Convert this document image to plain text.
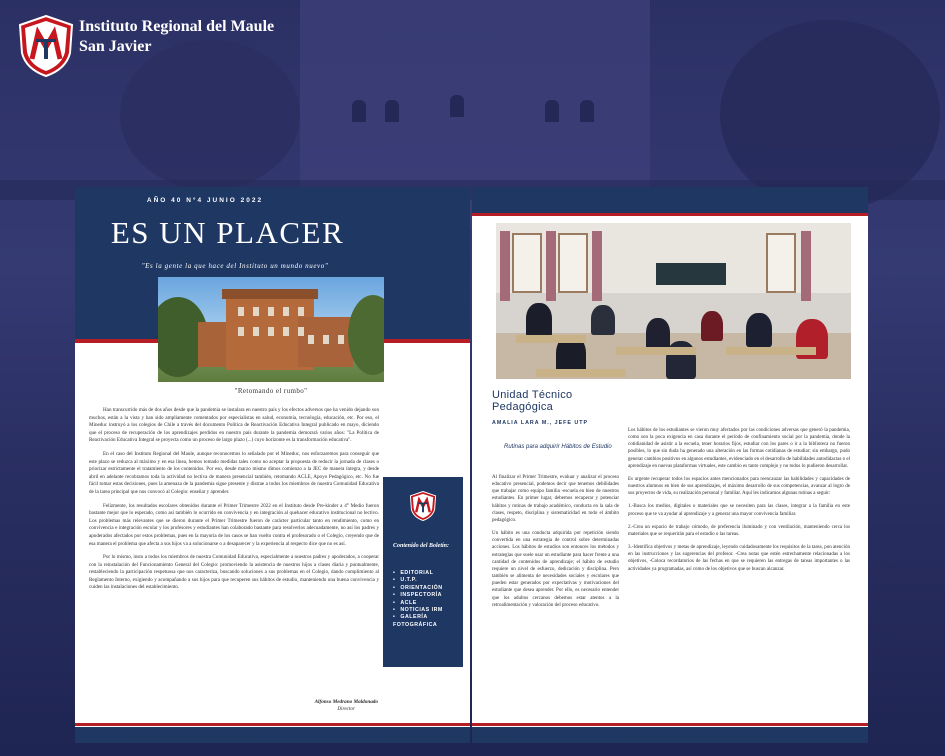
Instituto Regional del Maule
San Javier
AÑO 40 N°4 JUNIO 2022
ES UN PLACER
"Es la gente la que hace del Instituto un mundo nuevo"
"Retomando el rumbo"

Han transcurrido más de dos años desde que la pandemia se instalara en nuestro país y los efectos adversos que ha venido dejando son muchos, están a la vista y han sido ampliamente comentados por especialistas en salud, economía, tecnología, educación, etc. Por eso, el Mineduc instruyó a los colegios de Chile a través del documento Política de Reactivación Educativa Integral publicado en mayo, diciendo que el proceso de recuperación de los aprendizajes perdidos en nuestro país durante la pandemia demorará varios años: "La Política de Reactivación Educativa Integral se proyecta como un proceso de largo plazo (...) cuyo horizonte es la transformación educativa".

En el caso del Instituto Regional del Maule, aunque reconocemos lo señalado por el Mineduc, nos esforzaremos para conseguir que este plazo se reduzca al máximo y en esa línea, hemos tomado medidas tales como no aceptar la propuesta de reducir la jornada de clases o priorizar estrictamente el tratamiento de los contenidos. Por eso, desde marzo mismo dimos comienzo a la JEC de manera íntegra, y desde abril en adelante recobramos toda la actividad no lectiva de manera presencial también, retomando ACLE, Apoyo Pedagógico, etc. No fue fácil tomar estas decisiones, pues la amenaza de la pandemia sigue presente y distrae a todos los miembros de nuestra Comunidad Educativa de la tarea principal que nos convocó al Colegio: enseñar y aprender.

Felizmente, los resultados escolares obtenidos durante el Primer Trimestre 2022 en el Instituto desde Pre-kinder a 4° Medio fueron bastante mejor que lo esperado, como así también lo ocurrido en convivencia y en integración al quehacer educativo institucional no lectivo. Los problemas más relevantes que se dieron durante el Primer Trimestre fueron de carácter particular tanto en rendimiento, como en convivencia e integración escolar y los profesores y estudiantes han colaborado bastante para resolverlos adecuadamente, no así los padres y apoderados afectados por estos problemas, pues en la mayoría de los casos se han vuelto contra el profesorado o el Colegio, creyendo que de esa manera el problema que afecta a sus hijos va a solucionarse o a desaparecer y la experiencia al respecto dice que no es así.

Por lo mismo, insto a todos los miembros de nuestra Comunidad Educativa, especialmente a nuestros padres y apoderados, a cooperar con la reinstalación del Funcionamiento General del Colegio: promoviendo la asistencia de nuestros hijos a clases diaria y puntualmente, restableciendo la participación respetuosa que nos caracteriza, buscando soluciones a sus problemas en el Colegio, dando cumplimiento al Reglamento Interno, exigiendo y acompañando a sus hijos para que recuperen sus hábitos de estudio, manteniendo una buena convivencia y cuiden las instalaciones del establecimiento.

Alfonso Medrano Maldonado
Director
Contenido del Boletín:
• EDITORIAL
• U.T.P.
• ORIENTACIÓN
• INSPECTORÍA
• ACLE
• NOTICIAS IRM
• GALERÍA FOTOGRÁFICA
Unidad Técnico
Pedagógica
AMALIA LARA M., JEFE UTP
Rutinas para adquirir Hábitos de Estudio

Al finalizar el Primer Trimestre, evaluar y analizar el proceso educativo presencial, podemos decir que tenemos debilidades que trabajar como equipo familia -escuela en bien de nuestros estudiantes. En primer lugar, debemos recuperar y potenciar hábitos y rutinas de trabajo académico, conducta en la sala de clases, respeto, disciplina y sistematicidad en todo el ámbito pedagógico.

Un hábito es una conducta adquirida por repetición siendo convertida en una estrategia de control sobre determinadas acciones. Los hábitos de estudios son entonces los métodos y estrategias que suele usar un estudiante para hacer frente a una cantidad de contenidos de aprendizaje; el hábito de estudio requiere un nivel de esfuerzo, dedicación y disciplina. Pero también se alimenta de necesidades sociales y escolares que pueden estar generados por expectativas y motivaciones del estudiante que desea aprender. Por ello, es necesario entender que los adultos cercanos debemos estar atentos a la retroalimentación y valoración del proceso educativo.

Los hábitos de los estudiantes se vieron muy afectados por las condiciones adversas que generó la pandemia, como son la poca exigencia en casa durante el período de confinamiento social por la pandemia, donde la cotidianidad de asistir a la escuela, tener horarios fijos, estudiar con los pares o ir a la biblioteca no fueron posibles, lo que sin duda ha generado una alteración en las formas cotidianas de estudiar; sin embargo, pudo generar cambios positivos en algunos estudiantes, evidenciado en el desarrollo de habilidades autodidactas o el aprendizaje en nuevas plataformas virtuales, este cambio es tanto complejo y no todos lo pudieron desarrollar.

Es urgente recuperar todos los espacios antes mencionados para reencauzar las habilidades y capacidades de nuestros alumnos en bien de sus aprendizajes, el máximo desarrollo de sus competencias, avanzar al logro de sus proyectos de vida, su realización personal y familiar. Aquí les indicamos algunas rutinas a seguir:

1.-Busca los medios, digitales o materiales que se necesiten para las clases, integrar a la familia en este proceso que te va ayudar al aprendizaje y a generar una mayor convivencia familiar.

2.-Crea un espacio de trabajo cómodo, de preferencia iluminado y con ventilación, manteniendo cerca los materiales que se requerirán para el estudio o las tareas.

3.-Identifica objetivos y metas de aprendizaje, leyendo cuidadosamente los requisitos de la tarea, pon atención en las instrucciones y las sugerencias del profesor. -Crea notas que estén estrechamente relacionadas a los objetivos, -Coloca recordatorios de las fechas en que se requieren las entregas de tareas importantes o las actividades ya programadas, así como de los objetivos que se buscan alcanzar.
